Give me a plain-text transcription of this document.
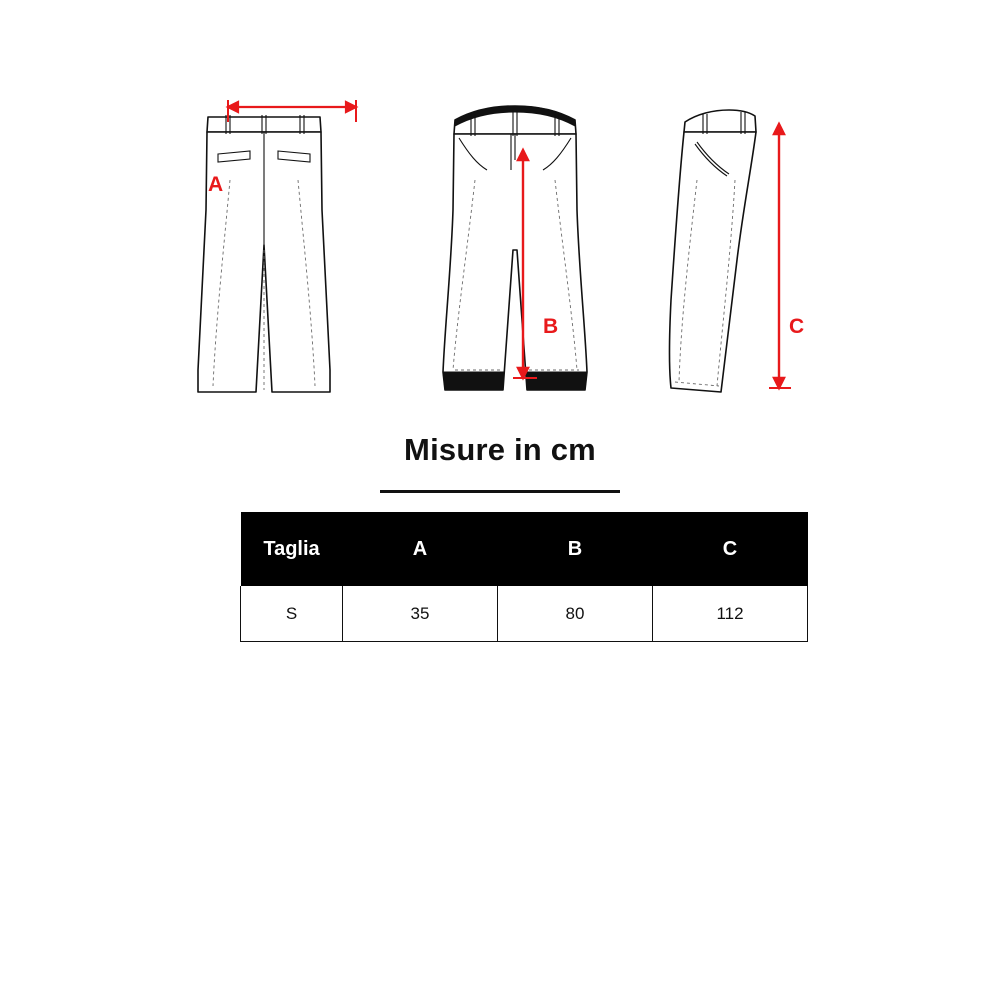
A
B	C
Misure in cm
Taglia	A	B	C
S	35	80	112
